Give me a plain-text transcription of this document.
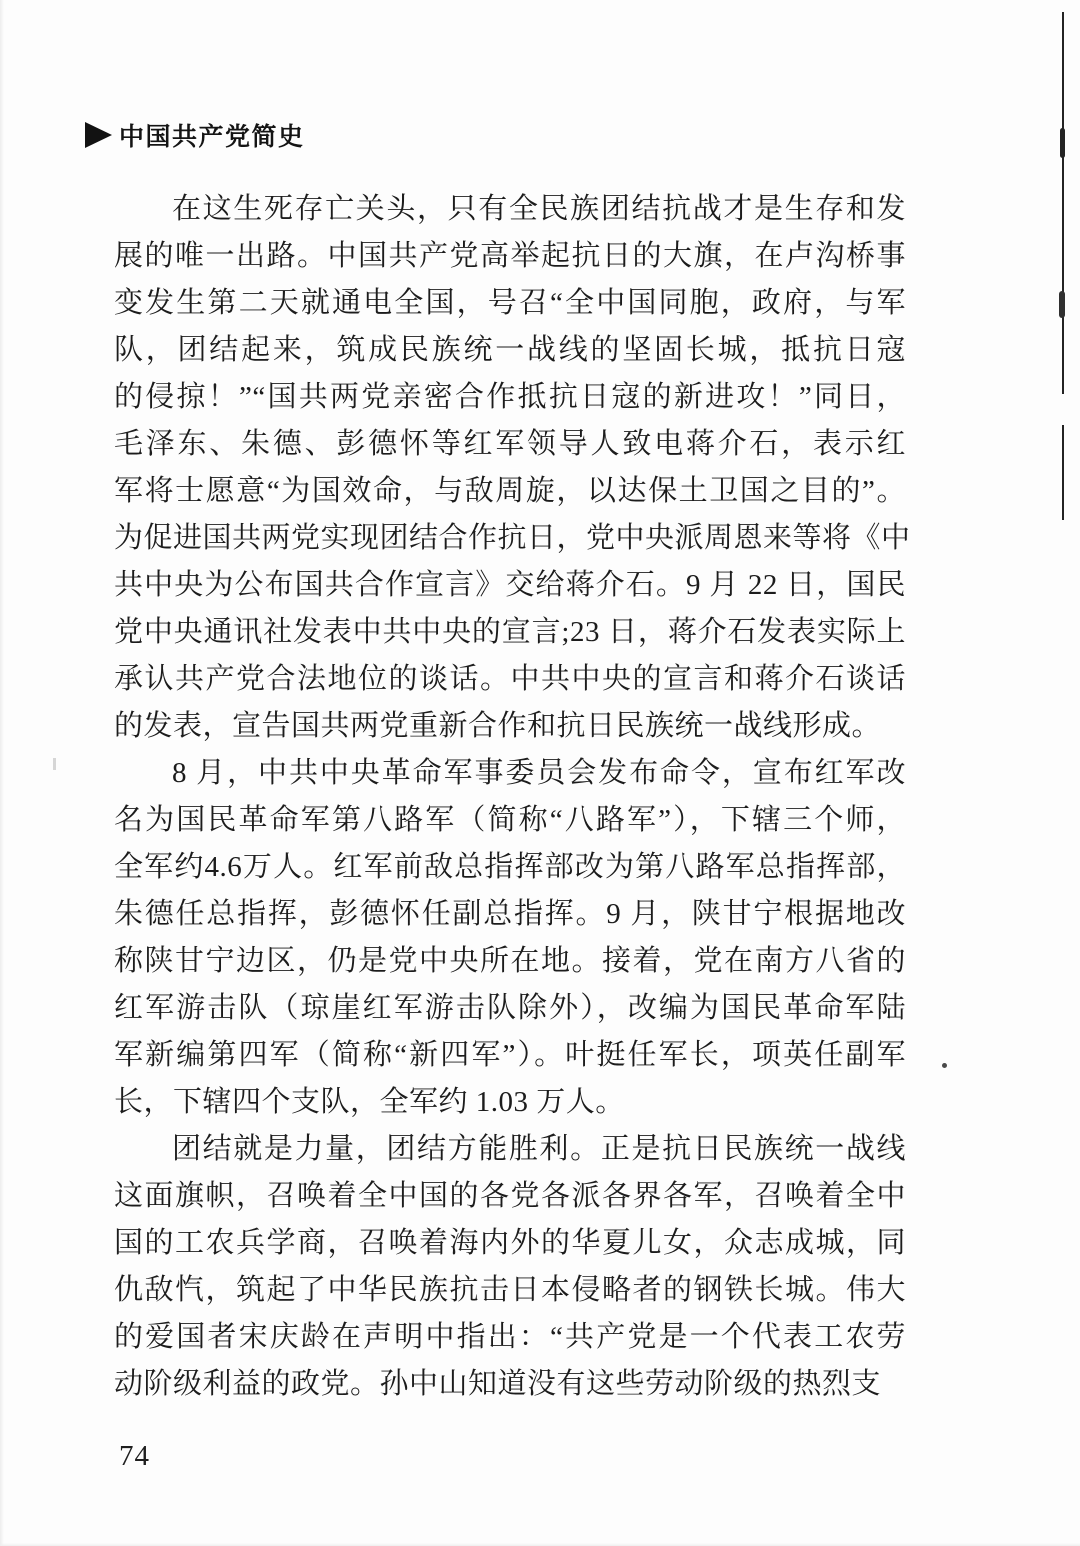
中国共产党简史
在这生死存亡关头，只有全民族团结抗战才是生存和发
展的唯一出路。中国共产党高举起抗日的大旗，在卢沟桥事
变发生第二天就通电全国，号召“全中国同胞，政府，与军
队，团结起来，筑成民族统一战线的坚固长城，抵抗日寇
的侵掠！”“国共两党亲密合作抵抗日寇的新进攻！”同日，
毛泽东、朱德、彭德怀等红军领导人致电蒋介石，表示红
军将士愿意“为国效命，与敌周旋，以达保土卫国之目的”。
为促进国共两党实现团结合作抗日，党中央派周恩来等将《中
共中央为公布国共合作宣言》交给蒋介石。9 月 22 日，国民
党中央通讯社发表中共中央的宣言;23 日，蒋介石发表实际上
承认共产党合法地位的谈话。中共中央的宣言和蒋介石谈话
的发表，宣告国共两党重新合作和抗日民族统一战线形成。
8 月，中共中央革命军事委员会发布命令，宣布红军改
名为国民革命军第八路军（简称“八路军”），下辖三个师，
全军约4.6万人。红军前敌总指挥部改为第八路军总指挥部，
朱德任总指挥，彭德怀任副总指挥。9 月，陕甘宁根据地改
称陕甘宁边区，仍是党中央所在地。接着，党在南方八省的
红军游击队（琼崖红军游击队除外），改编为国民革命军陆
军新编第四军（简称“新四军”）。叶挺任军长，项英任副军
长，下辖四个支队，全军约 1.03 万人。
团结就是力量，团结方能胜利。正是抗日民族统一战线
这面旗帜，召唤着全中国的各党各派各界各军，召唤着全中
国的工农兵学商，召唤着海内外的华夏儿女，众志成城，同
仇敌忾，筑起了中华民族抗击日本侵略者的钢铁长城。伟大
的爱国者宋庆龄在声明中指出：“共产党是一个代表工农劳
动阶级利益的政党。孙中山知道没有这些劳动阶级的热烈支
74
